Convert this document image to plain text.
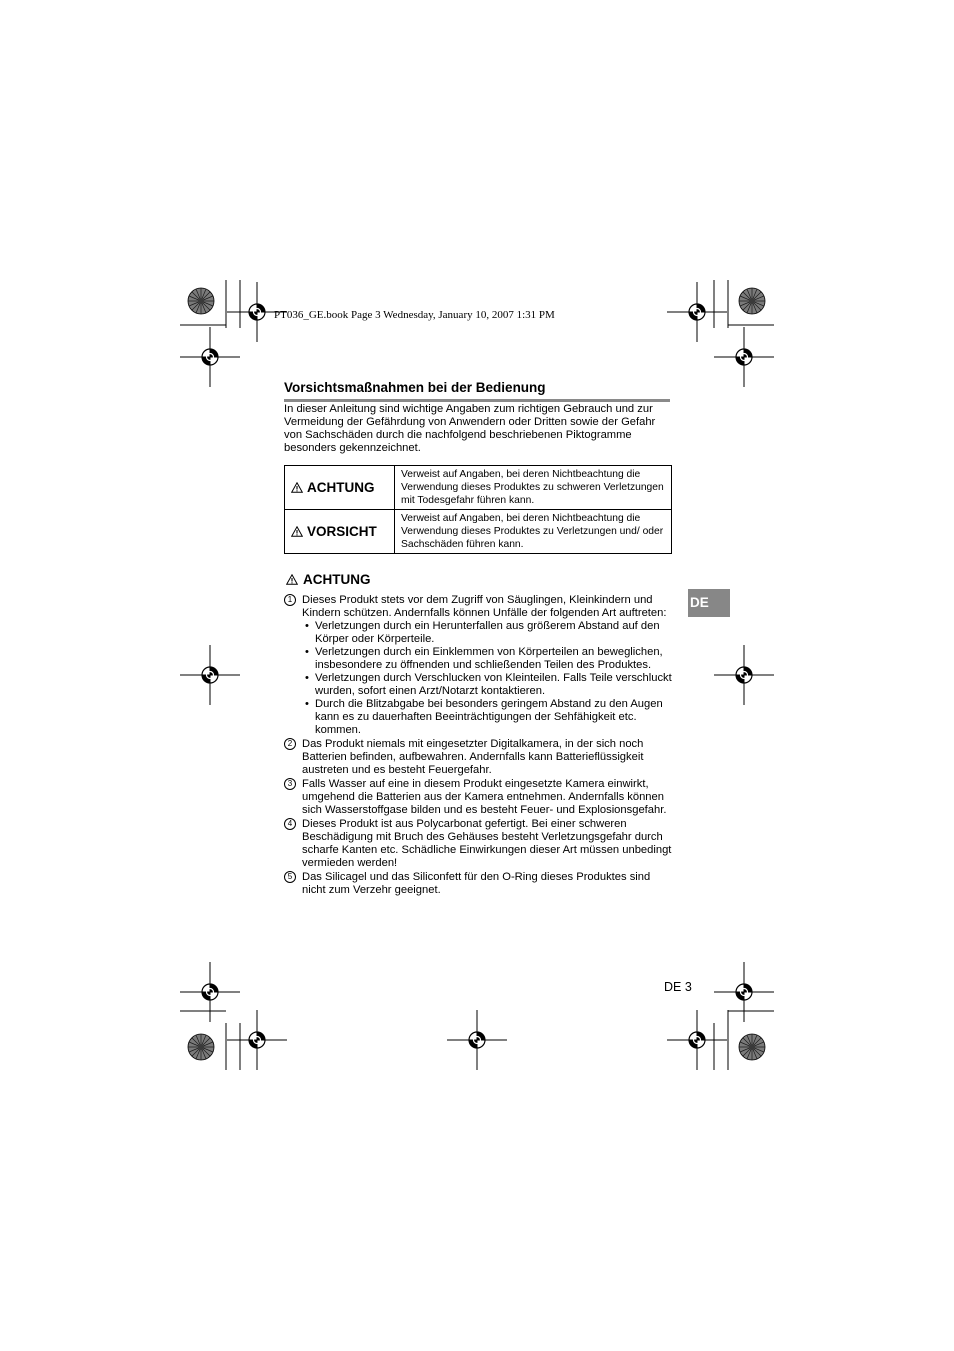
PT036_GE.book Page 3 Wednesday, January 10, 2007 1:31 PM
Vorsichtsmaßnahmen bei der Bedienung

In dieser Anleitung sind wichtige Angaben zum richtigen Gebrauch und zur Vermeidung der Gefährdung von Anwendern oder Dritten sowie der Gefahr von Sachschäden durch die nachfolgend beschriebenen Piktogramme besonders gekennzeichnet.

ACHTUNG	Verweist auf Angaben, bei deren Nichtbeachtung die Verwendung dieses Produktes zu schweren Verletzungen mit Todesgefahr führen kann.
VORSICHT	Verweist auf Angaben, bei deren Nichtbeachtung die Verwendung dieses Produktes zu Verletzungen und/ oder Sachschäden führen kann.
ACHTUNG
1 Dieses Produkt stets vor dem Zugriff von Säuglingen, Kleinkindern und Kindern schützen. Andernfalls können Unfälle der folgenden Art auftreten:
• Verletzungen durch ein Herunterfallen aus größerem Abstand auf den Körper oder Körperteile.
• Verletzungen durch ein Einklemmen von Körperteilen an beweglichen, insbesondere zu öffnenden und schließenden Teilen des Produktes.
• Verletzungen durch Verschlucken von Kleinteilen. Falls Teile verschluckt wurden, sofort einen Arzt/Notarzt kontaktieren.
• Durch die Blitzabgabe bei besonders geringem Abstand zu den Augen kann es zu dauerhaften Beeinträchtigungen der Sehfähigkeit etc. kommen.
2 Das Produkt niemals mit eingesetzter Digitalkamera, in der sich noch Batterien befinden, aufbewahren. Andernfalls kann Batterieflüssigkeit austreten und es besteht Feuergefahr.
3 Falls Wasser auf eine in diesem Produkt eingesetzte Kamera einwirkt, umgehend die Batterien aus der Kamera entnehmen. Andernfalls können sich Wasserstoffgase bilden und es besteht Feuer- und Explosionsgefahr.
4 Dieses Produkt ist aus Polycarbonat gefertigt. Bei einer schweren Beschädigung mit Bruch des Gehäuses besteht Verletzungsgefahr durch scharfe Kanten etc. Schädliche Einwirkungen dieser Art müssen unbedingt vermieden werden!
5 Das Silicagel und das Siliconfett für den O-Ring dieses Produktes sind nicht zum Verzehr geeignet.
DE
DE 3
